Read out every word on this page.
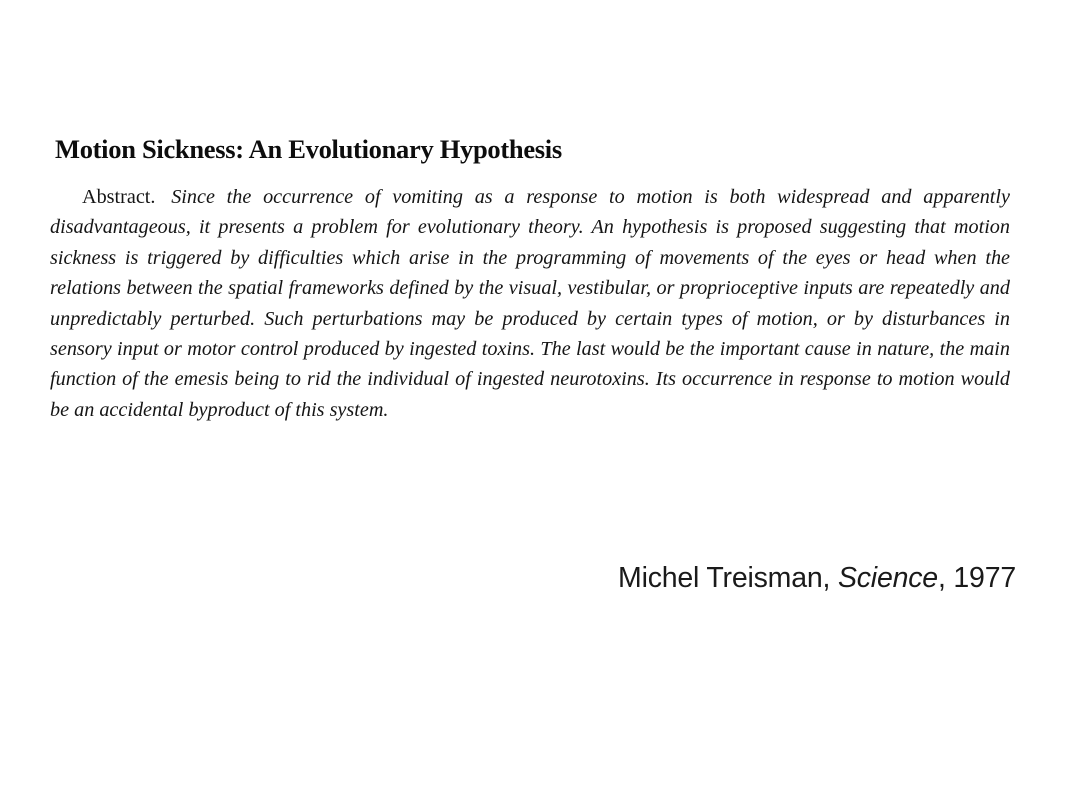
Motion Sickness: An Evolutionary Hypothesis

Abstract. Since the occurrence of vomiting as a response to motion is both widespread and apparently disadvantageous, it presents a problem for evolutionary theory. An hypothesis is proposed suggesting that motion sickness is triggered by difficulties which arise in the programming of movements of the eyes or head when the relations between the spatial frameworks defined by the visual, vestibular, or proprioceptive inputs are repeatedly and unpredictably perturbed. Such perturbations may be produced by certain types of motion, or by disturbances in sensory input or motor control produced by ingested toxins. The last would be the important cause in nature, the main function of the emesis being to rid the individual of ingested neurotoxins. Its occurrence in response to motion would be an accidental byproduct of this system.

Michel Treisman, Science, 1977
